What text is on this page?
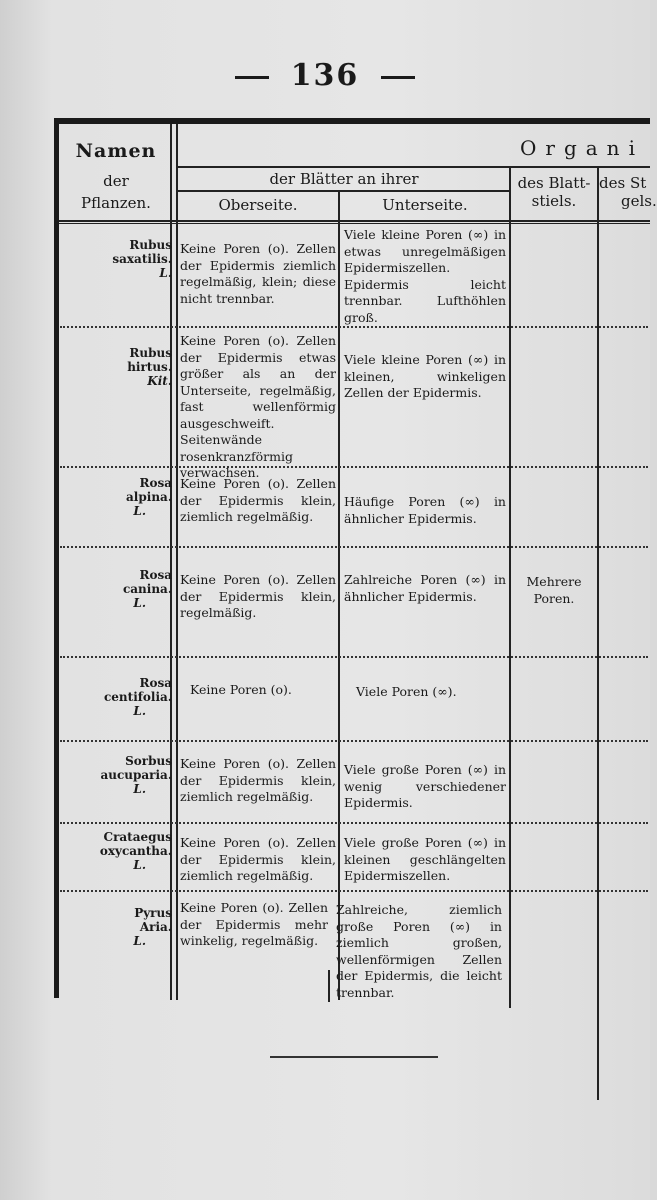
136
Namen
der
Pflanzen.
Organi
der Blätter an ihrer
Oberseite.	Unterseite.
des Blatt-
stiels.
des St
gels.
Rubus
saxatilis.
L.
Keine Poren (o). Zellen der Epidermis ziemlich regelmäßig, klein; diese nicht trennbar.
Viele kleine Poren (∞) in etwas unregelmäßigen Epidermiszellen. Epidermis leicht trennbar. Lufthöhlen groß.
Rubus
hirtus.
Kit.
Keine Poren (o). Zellen der Epidermis etwas größer als an der Unterseite, regelmäßig, fast wellenförmig ausgeschweift. Seitenwände rosenkranzförmig verwachsen.
Viele kleine Poren (∞) in kleinen, winkeligen Zellen der Epidermis.
Rosa
alpina.
L.
Keine Poren (o). Zellen der Epidermis klein, ziemlich regelmäßig.
Häufige Poren (∞) in ähnlicher Epidermis.
Rosa
canina.
L.
Keine Poren (o). Zellen der Epidermis klein, regelmäßig.
Zahlreiche Poren (∞) in ähnlicher Epidermis.
Mehrere Poren.
Rosa
centifolia.
L.
Keine Poren (o).	Viele Poren (∞).
Sorbus
aucuparia.
L.
Keine Poren (o). Zellen der Epidermis klein, ziemlich regelmäßig.
Viele große Poren (∞) in wenig verschiedener Epidermis.
Crataegus
oxycantha.
L.
Keine Poren (o). Zellen der Epidermis klein, ziemlich regelmäßig.
Viele große Poren (∞) in kleinen geschlängelten Epidermiszellen.
Pyrus
Aria.
L.
Keine Poren (o). Zellen der Epidermis mehr winkelig, regelmäßig.
Zahlreiche, ziemlich große Poren (∞) in ziemlich großen, wellenförmigen Zellen der Epidermis, die leicht trennbar.
